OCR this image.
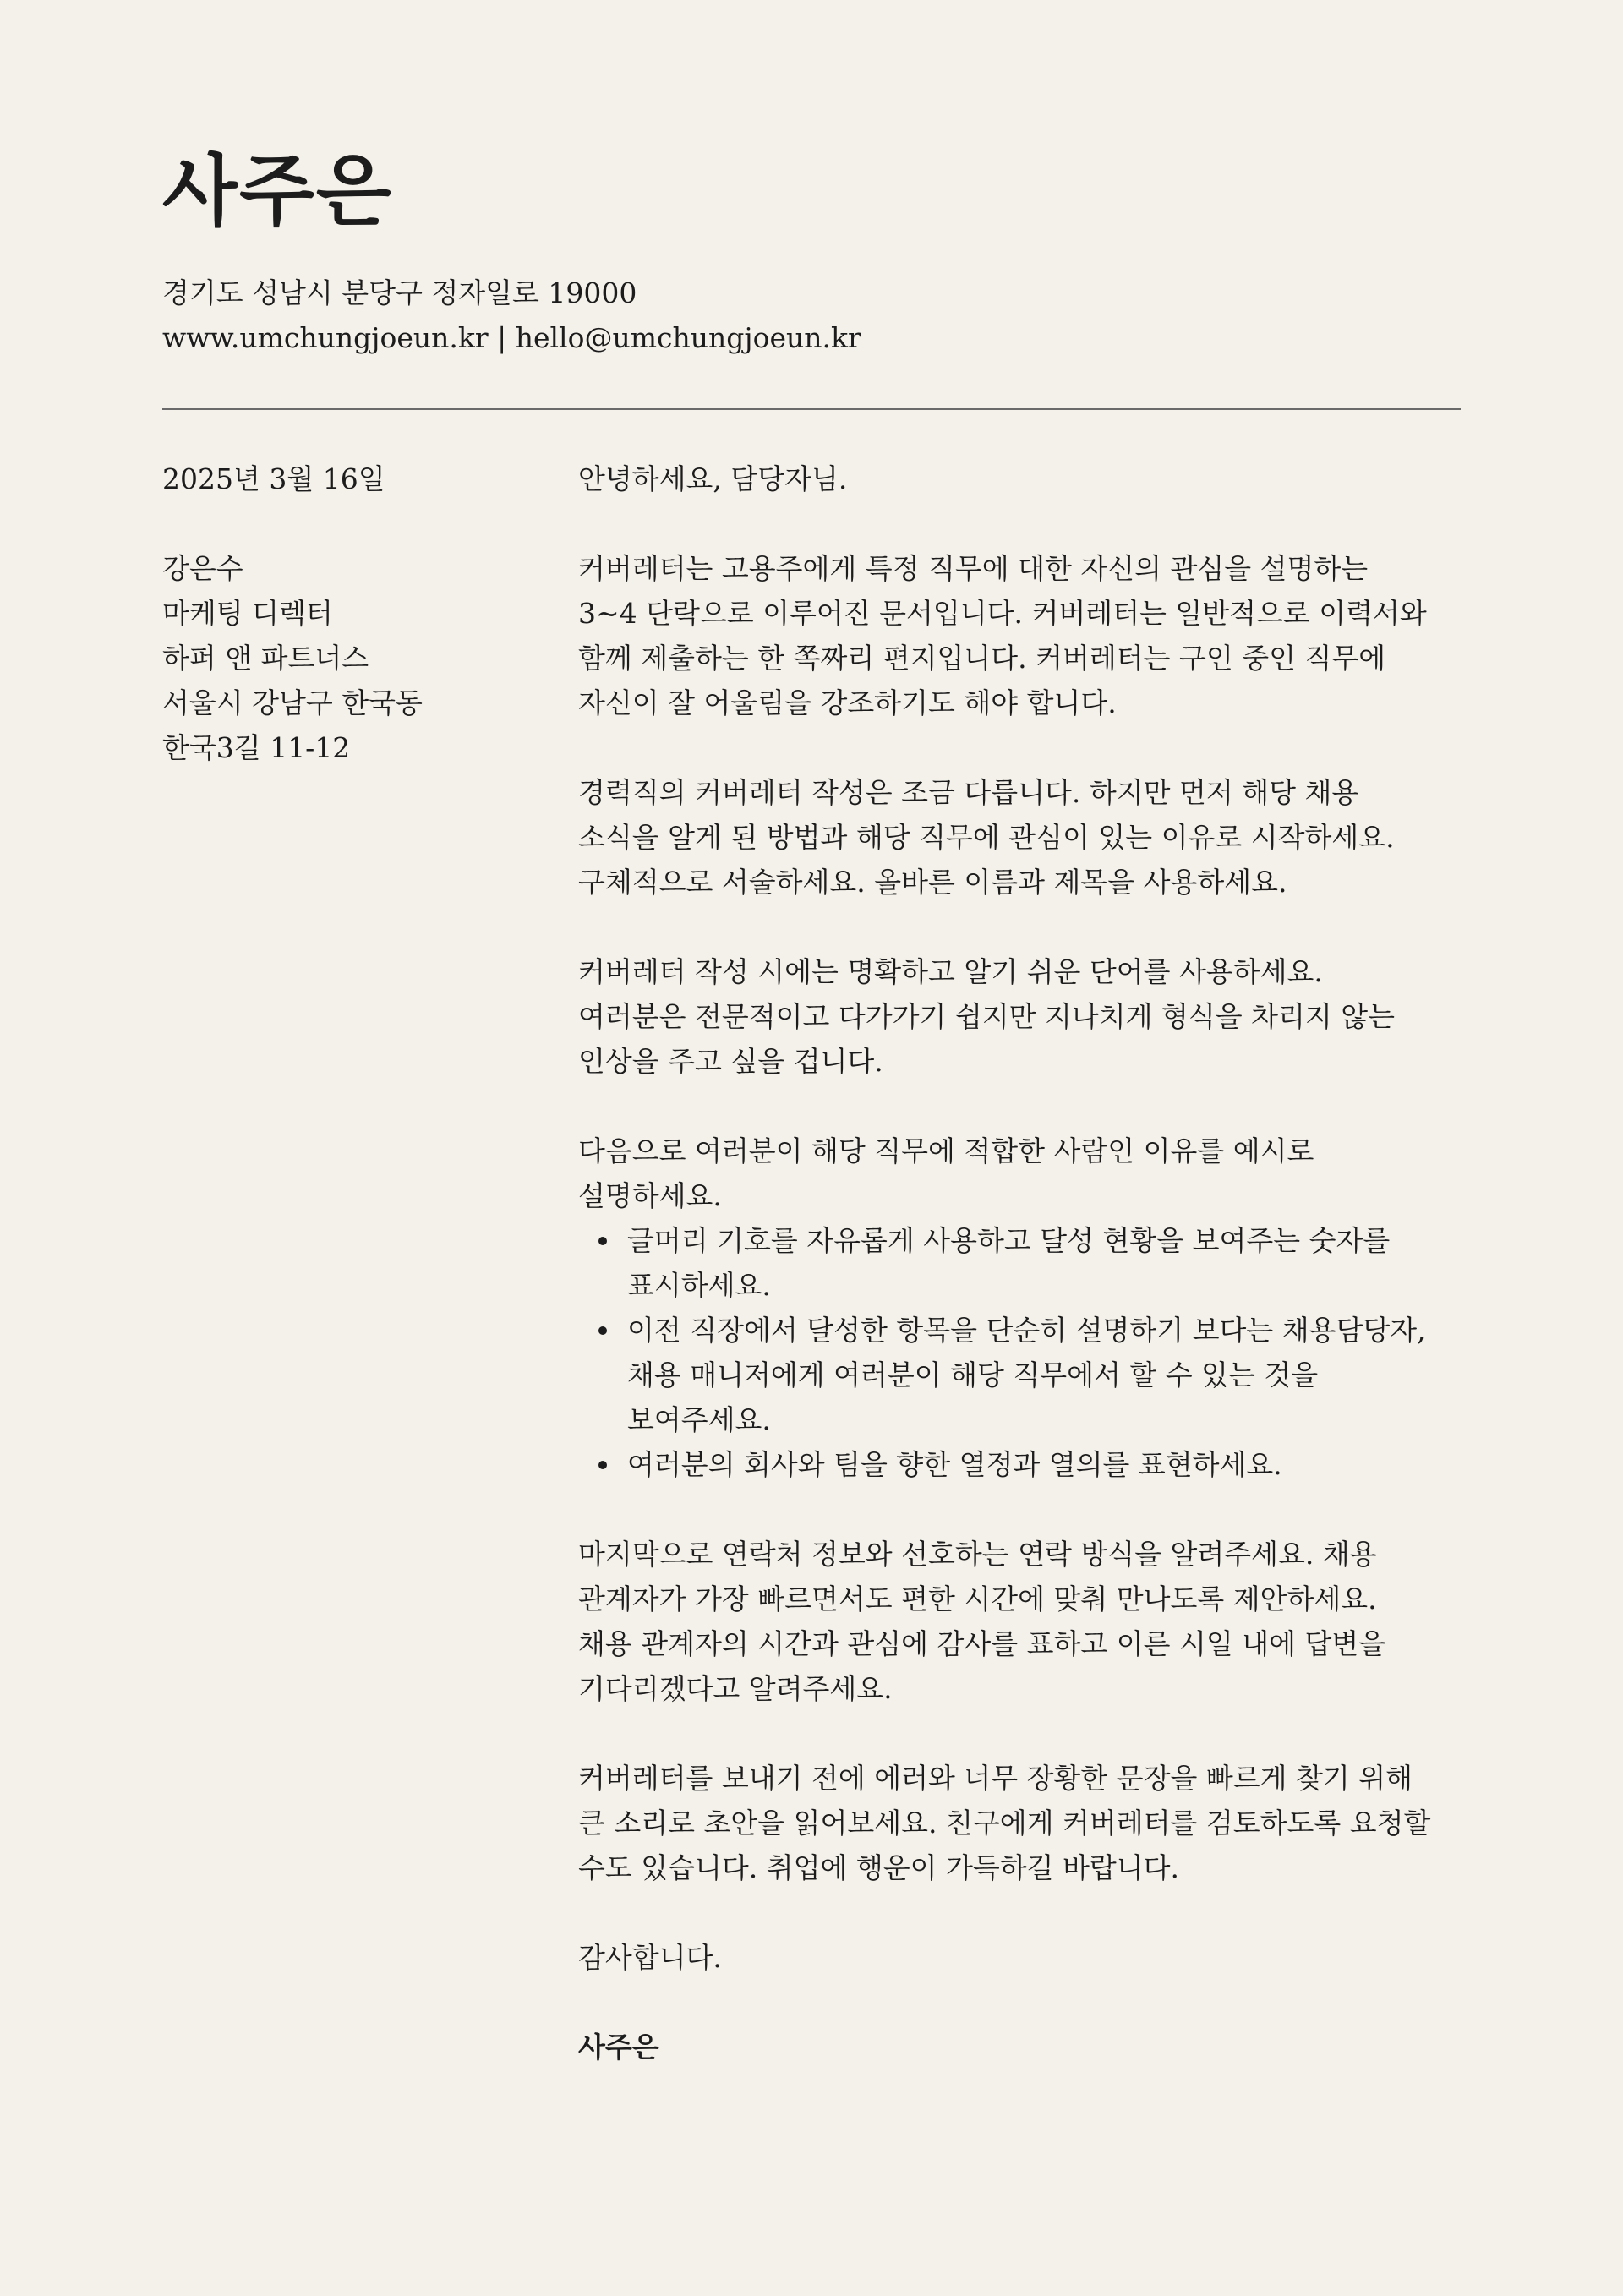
사주은
경기도 성남시 분당구 정자일로 19000
www.umchungjoeun.kr | hello@umchungjoeun.kr
2025년 3월 16일
강은수
마케팅 디렉터
하퍼 앤 파트너스
서울시 강남구 한국동
한국3길 11-12

안녕하세요, 담당자님.

커버레터는 고용주에게 특정 직무에 대한 자신의 관심을 설명하는
3~4 단락으로 이루어진 문서입니다. 커버레터는 일반적으로 이력서와
함께 제출하는 한 쪽짜리 편지입니다. 커버레터는 구인 중인 직무에
자신이 잘 어울림을 강조하기도 해야 합니다.

경력직의 커버레터 작성은 조금 다릅니다. 하지만 먼저 해당 채용
소식을 알게 된 방법과 해당 직무에 관심이 있는 이유로 시작하세요.
구체적으로 서술하세요. 올바른 이름과 제목을 사용하세요.

커버레터 작성 시에는 명확하고 알기 쉬운 단어를 사용하세요.
여러분은 전문적이고 다가가기 쉽지만 지나치게 형식을 차리지 않는
인상을 주고 싶을 겁니다.

다음으로 여러분이 해당 직무에 적합한 사람인 이유를 예시로
설명하세요.

글머리 기호를 자유롭게 사용하고 달성 현황을 보여주는 숫자를
표시하세요.
이전 직장에서 달성한 항목을 단순히 설명하기 보다는 채용담당자,
채용 매니저에게 여러분이 해당 직무에서 할 수 있는 것을
보여주세요.
여러분의 회사와 팀을 향한 열정과 열의를 표현하세요.

마지막으로 연락처 정보와 선호하는 연락 방식을 알려주세요. 채용
관계자가 가장 빠르면서도 편한 시간에 맞춰 만나도록 제안하세요.
채용 관계자의 시간과 관심에 감사를 표하고 이른 시일 내에 답변을
기다리겠다고 알려주세요.

커버레터를 보내기 전에 에러와 너무 장황한 문장을 빠르게 찾기 위해
큰 소리로 초안을 읽어보세요. 친구에게 커버레터를 검토하도록 요청할
수도 있습니다. 취업에 행운이 가득하길 바랍니다.

감사합니다.

사주은
